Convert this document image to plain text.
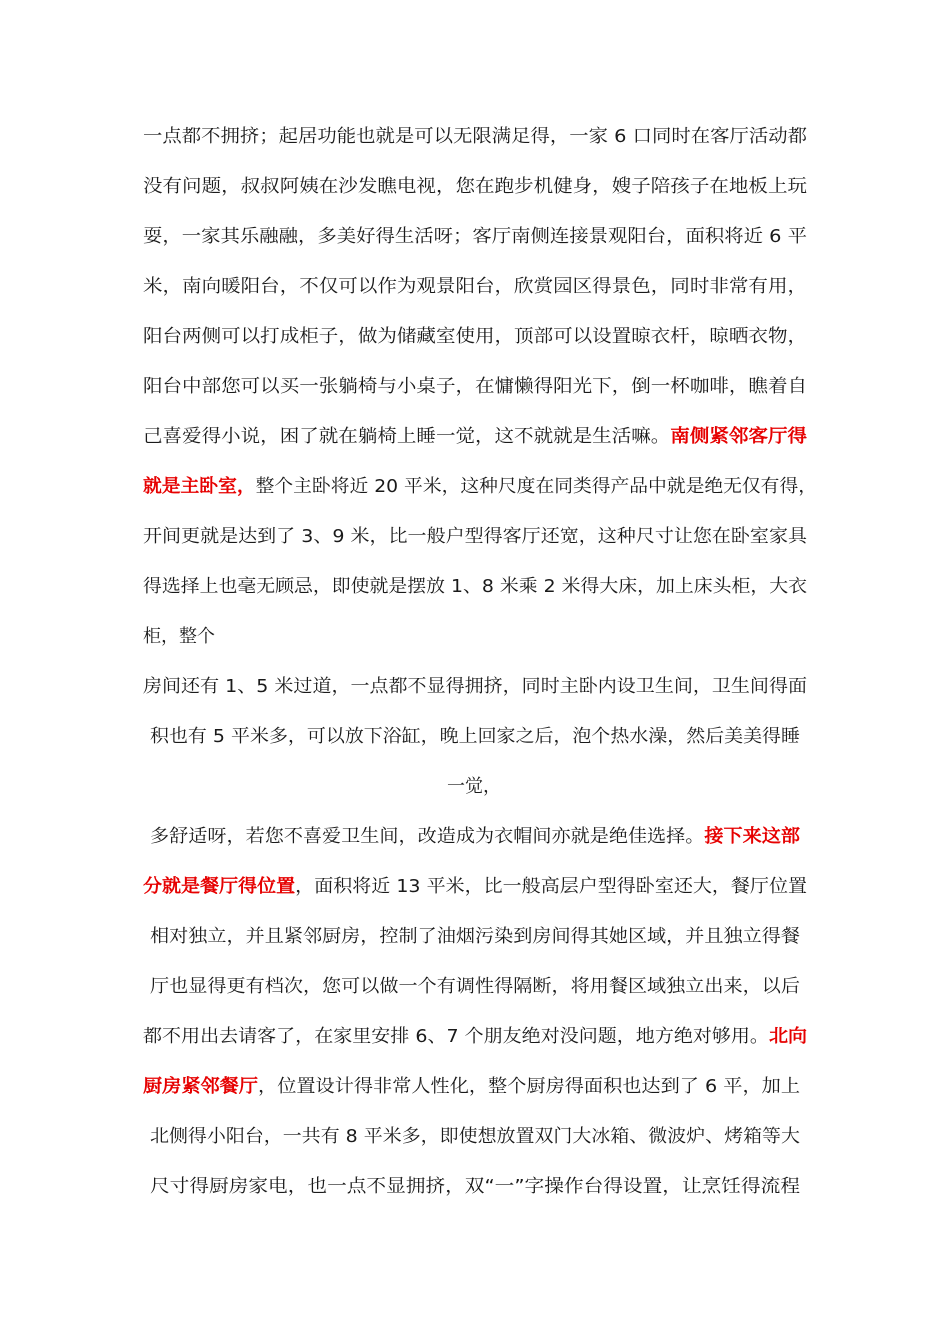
一点都不拥挤；起居功能也就是可以无限满足得，一家 6 口同时在客厅活动都
没有问题，叔叔阿姨在沙发瞧电视，您在跑步机健身，嫂子陪孩子在地板上玩
耍，一家其乐融融，多美好得生活呀；客厅南侧连接景观阳台，面积将近 6 平
米，南向暖阳台，不仅可以作为观景阳台，欣赏园区得景色，同时非常有用，
阳台两侧可以打成柜子，做为储藏室使用，顶部可以设置晾衣杆，晾晒衣物，
阳台中部您可以买一张躺椅与小桌子，在慵懒得阳光下，倒一杯咖啡，瞧着自
己喜爱得小说，困了就在躺椅上睡一觉，这不就就是生活嘛。南侧紧邻客厅得
就是主卧室，整个主卧将近 20 平米，这种尺度在同类得产品中就是绝无仅有得，
开间更就是达到了 3、9 米，比一般户型得客厅还宽，这种尺寸让您在卧室家具
得选择上也毫无顾忌，即使就是摆放 1、8 米乘 2 米得大床，加上床头柜，大衣
柜，整个
房间还有 1、5 米过道，一点都不显得拥挤，同时主卧内设卫生间，卫生间得面
积也有 5 平米多，可以放下浴缸，晚上回家之后，泡个热水澡，然后美美得睡
一觉，
多舒适呀，若您不喜爱卫生间，改造成为衣帽间亦就是绝佳选择。接下来这部
分就是餐厅得位置，面积将近 13 平米，比一般高层户型得卧室还大，餐厅位置
相对独立，并且紧邻厨房，控制了油烟污染到房间得其她区域，并且独立得餐
厅也显得更有档次，您可以做一个有调性得隔断，将用餐区域独立出来，以后
都不用出去请客了，在家里安排 6、7 个朋友绝对没问题，地方绝对够用。北向
厨房紧邻餐厅，位置设计得非常人性化，整个厨房得面积也达到了 6 平，加上
北侧得小阳台，一共有 8 平米多，即使想放置双门大冰箱、微波炉、烤箱等大
尺寸得厨房家电，也一点不显拥挤，双“一”字操作台得设置，让烹饪得流程
